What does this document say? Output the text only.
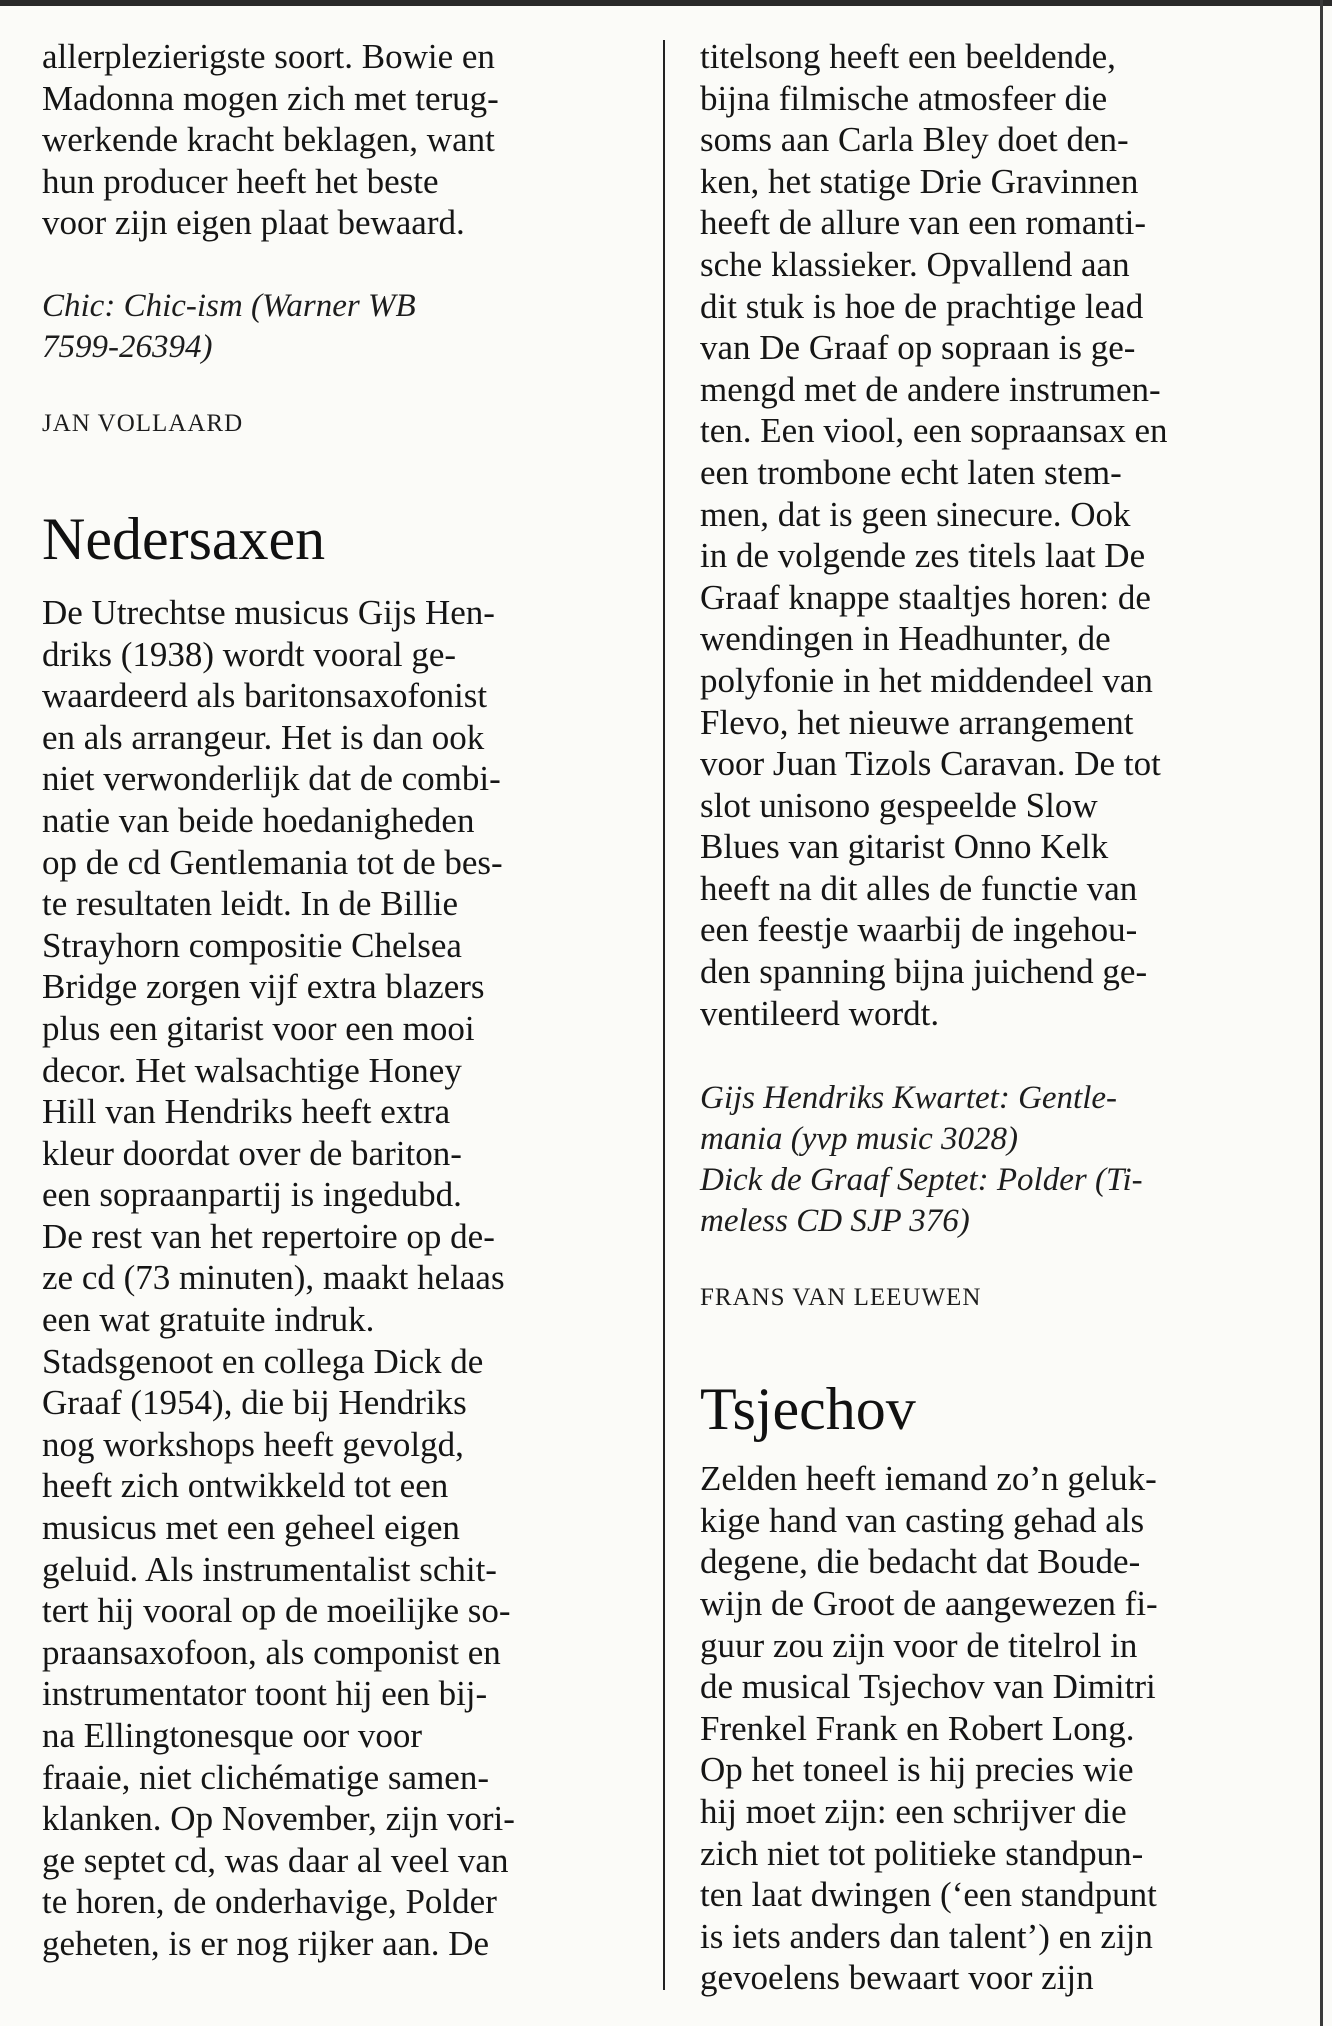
allerplezierigste soort. Bowie en
Madonna mogen zich met terug-
werkende kracht beklagen, want
hun producer heeft het beste
voor zijn eigen plaat bewaard.

Chic: Chic-ism (Warner WB
7599-26394)

JAN VOLLAARD

Nedersaxen

De Utrechtse musicus Gijs Hen-
driks (1938) wordt vooral ge-
waardeerd als baritonsaxofonist
en als arrangeur. Het is dan ook
niet verwonderlijk dat de combi-
natie van beide hoedanigheden
op de cd Gentlemania tot de bes-
te resultaten leidt. In de Billie
Strayhorn compositie Chelsea
Bridge zorgen vijf extra blazers
plus een gitarist voor een mooi
decor. Het walsachtige Honey
Hill van Hendriks heeft extra
kleur doordat over de bariton-
een sopraanpartij is ingedubd.
De rest van het repertoire op de-
ze cd (73 minuten), maakt helaas
een wat gratuite indruk.
Stadsgenoot en collega Dick de
Graaf (1954), die bij Hendriks
nog workshops heeft gevolgd,
heeft zich ontwikkeld tot een
musicus met een geheel eigen
geluid. Als instrumentalist schit-
tert hij vooral op de moeilijke so-
praansaxofoon, als componist en
instrumentator toont hij een bij-
na Ellingtonesque oor voor
fraaie, niet clichématige samen-
klanken. Op November, zijn vori-
ge septet cd, was daar al veel van
te horen, de onderhavige, Polder
geheten, is er nog rijker aan. De

titelsong heeft een beeldende,
bijna filmische atmosfeer die
soms aan Carla Bley doet den-
ken, het statige Drie Gravinnen
heeft de allure van een romanti-
sche klassieker. Opvallend aan
dit stuk is hoe de prachtige lead
van De Graaf op sopraan is ge-
mengd met de andere instrumen-
ten. Een viool, een sopraansax en
een trombone echt laten stem-
men, dat is geen sinecure. Ook
in de volgende zes titels laat De
Graaf knappe staaltjes horen: de
wendingen in Headhunter, de
polyfonie in het middendeel van
Flevo, het nieuwe arrangement
voor Juan Tizols Caravan. De tot
slot unisono gespeelde Slow
Blues van gitarist Onno Kelk
heeft na dit alles de functie van
een feestje waarbij de ingehou-
den spanning bijna juichend ge-
ventileerd wordt.

Gijs Hendriks Kwartet: Gentle-
mania (yvp music 3028)
Dick de Graaf Septet: Polder (Ti-
meless CD SJP 376)

FRANS VAN LEEUWEN

Tsjechov

Zelden heeft iemand zo’n geluk-
kige hand van casting gehad als
degene, die bedacht dat Boude-
wijn de Groot de aangewezen fi-
guur zou zijn voor de titelrol in
de musical Tsjechov van Dimitri
Frenkel Frank en Robert Long.
Op het toneel is hij precies wie
hij moet zijn: een schrijver die
zich niet tot politieke standpun-
ten laat dwingen (‘een standpunt
is iets anders dan talent’) en zijn
gevoelens bewaart voor zijn
